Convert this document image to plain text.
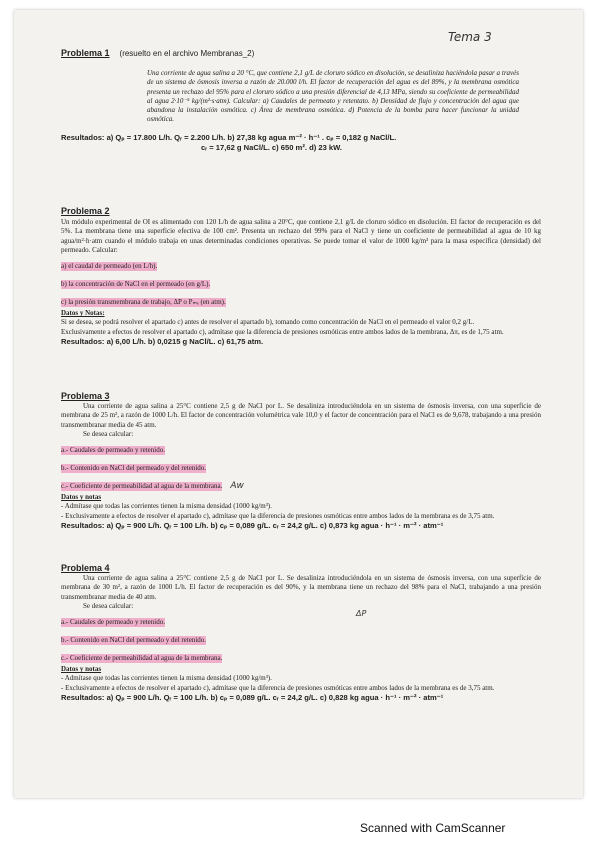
Tema 3
Problema 1 (resuelto en el archivo Membranas_2)

Una corriente de agua salina a 20 °C, que contiene 2,1 g/L de cloruro sódico en disolución, se desaliniza haciéndola pasar a través de un sistema de ósmosis inversa a razón de 20.000 l/h. El factor de recuperación del agua es del 89%, y la membrana osmótica presenta un rechazo del 95% para el cloruro sódico a una presión diferencial de 4,13 MPa, siendo su coeficiente de permeabilidad al agua 2·10⁻⁵ kg/(m²·s·atm). Calcular: a) Caudales de permeato y retentato. b) Densidad de flujo y concentración del agua que abandona la instalación osmótica. c) Área de membrana osmótica. d) Potencia de la bomba para hacer funcionar la unidad osmótica.

Resultados: a) Qₚ = 17.800 L/h. Qᵣ = 2.200 L/h. b) 27,38 kg agua m⁻² · h⁻¹ . cₚ = 0,182 g NaCl/L.
cᵣ = 17,62 g NaCl/L. c) 650 m². d) 23 kW.
Problema 2

Un módulo experimental de OI es alimentado con 120 L/h de agua salina a 20°C, que contiene 2,1 g/L de cloruro sódico en disolución. El factor de recuperación es del 5%. La membrana tiene una superficie efectiva de 100 cm². Presenta un rechazo del 99% para el NaCl y tiene un coeficiente de permeabilidad al agua de 10 kg agua/m²·h·atm cuando el módulo trabaja en unas determinadas condiciones operativas. Se puede tomar el valor de 1000 kg/m³ para la masa específica (densidad) del permeado. Calcular:

a) el caudal de permeado (en L/h).

b) la concentración de NaCl en el permeado (en g/L).

c) la presión transmembrana de trabajo, ΔP o Pₘₑ (en atm).

Datos y Notas:

Si se desea, se podrá resolver el apartado c) antes de resolver el apartado b), tomando como concentración de NaCl en el permeado el valor 0,2 g/L.

Exclusivamente a efectos de resolver el apartado c), admítase que la diferencia de presiones osmóticas entre ambos lados de la membrana, Δπ, es de 1,75 atm.

Resultados: a) 6,00 L/h. b) 0,0215 g NaCl/L. c) 61,75 atm.
Problema 3

Una corriente de agua salina a 25°C contiene 2,5 g de NaCl por L. Se desaliniza introduciéndola en un sistema de ósmosis inversa, con una superficie de membrana de 25 m², a razón de 1000 L/h. El factor de concentración volumétrica vale 10,0 y el factor de concentración para el NaCl es de 9,678, trabajando a una presión transmembranar media de 45 atm.

Se desea calcular:

a.- Caudales de permeado y retenido.

b.- Contenido en NaCl del permeado y del retenido.

c.- Coeficiente de permeabilidad al agua de la membrana. Aw

Datos y notas

- Admítase que todas las corrientes tienen la misma densidad (1000 kg/m³).

- Exclusivamente a efectos de resolver el apartado c), admítase que la diferencia de presiones osmóticas entre ambos lados de la membrana es de 3,75 atm.

Resultados: a) Qₚ = 900 L/h. Qᵣ = 100 L/h. b) cₚ = 0,089 g/L. cᵣ = 24,2 g/L. c) 0,873 kg agua · h⁻¹ · m⁻² · atm⁻¹
Problema 4

Una corriente de agua salina a 25°C contiene 2,5 g de NaCl por L. Se desaliniza introduciéndola en un sistema de ósmosis inversa, con una superficie de membrana de 30 m², a razón de 1000 L/h. El factor de recuperación es del 90%, y la membrana tiene un rechazo del 98% para el NaCl, trabajando a una presión transmembranar media de 40 atm.

Se desea calcular:

a.- Caudales de permeado y retenido.

b.- Contenido en NaCl del permeado y del retenido.

c.- Coeficiente de permeabilidad al agua de la membrana.

Datos y notas

- Admítase que todas las corrientes tienen la misma densidad (1000 kg/m³).

- Exclusivamente a efectos de resolver el apartado c), admítase que la diferencia de presiones osmóticas entre ambos lados de la membrana es de 3,75 atm.

Resultados: a) Qₚ = 900 L/h. Qᵣ = 100 L/h. b) cₚ = 0,089 g/L. cᵣ = 24,2 g/L. c) 0,828 kg agua · h⁻¹ · m⁻² · atm⁻¹
ΔP
Scanned with CamScanner
